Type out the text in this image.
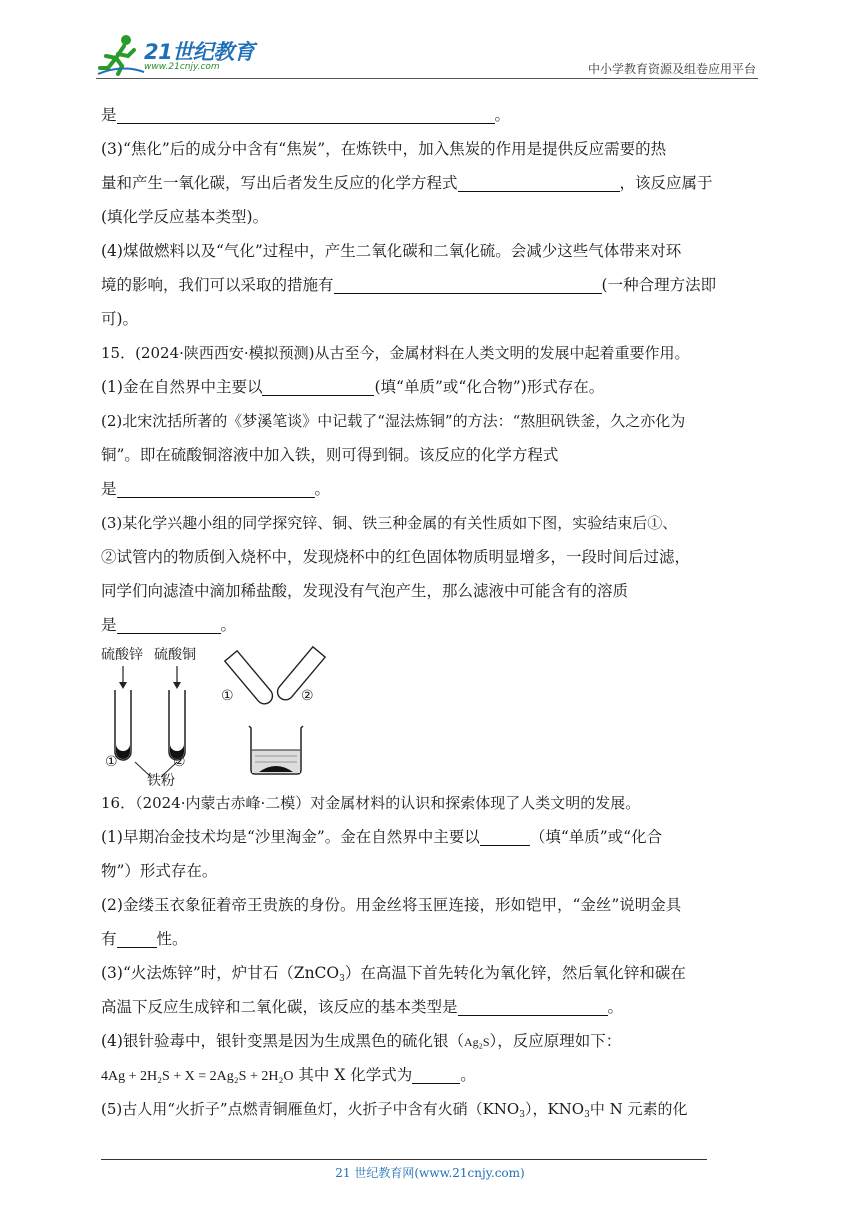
21世纪教育
www.21cnjy.com	中小学教育资源及组卷应用平台
是	。
(3)“焦化”后的成分中含有“焦炭”，在炼铁中，加入焦炭的作用是提供反应需要的热
量和产生一氧化碳，写出后者发生反应的化学方程式	，该反应属于
(填化学反应基本类型)。
(4)煤做燃料以及“气化”过程中，产生二氧化碳和二氧化硫。会减少这些气体带来对环
境的影响，我们可以采取的措施有	(一种合理方法即
可)。
15．(2024·陕西西安·模拟预测)从古至今，金属材料在人类文明的发展中起着重要作用。
(1)金在自然界中主要以	(填“单质”或“化合物”)形式存在。
(2)北宋沈括所著的《梦溪笔谈》中记载了“湿法炼铜”的方法：“熬胆矾铁釜，久之亦化为
铜”。即在硫酸铜溶液中加入铁，则可得到铜。该反应的化学方程式
是	。
(3)某化学兴趣小组的同学探究锌、铜、铁三种金属的有关性质如下图，实验结束后①、
②试管内的物质倒入烧杯中，发现烧杯中的红色固体物质明显增多，一段时间后过滤，
同学们向滤渣中滴加稀盐酸，发现没有气泡产生，那么滤液中可能含有的溶质
是	。
硫酸锌 硫酸铜
①	②
铁粉
①	②
16．（2024·内蒙古赤峰·二模）对金属材料的认识和探索体现了人类文明的发展。
(1)早期冶金技术均是“沙里淘金”。金在自然界中主要以	（填“单质”或“化合
物”）形式存在。
(2)金缕玉衣象征着帝王贵族的身份。用金丝将玉匣连接，形如铠甲，“金丝”说明金具
有	性。
(3)“火法炼锌”时，炉甘石（ZnCO$_3$）在高温下首先转化为氧化锌，然后氧化锌和碳在
高温下反应生成锌和二氧化碳，该反应的基本类型是	。
(4)银针验毒中，银针变黑是因为生成黑色的硫化银（Ag₂S），反应原理如下：
4Ag + 2H₂S + X = 2Ag₂S + 2H₂O 其中 X 化学式为	。
(5)古人用“火折子”点燃青铜雁鱼灯，火折子中含有火硝$(KNO_3)$，$KNO_3$中 N 元素的化
21 世纪教育网(www.21cnjy.com)
